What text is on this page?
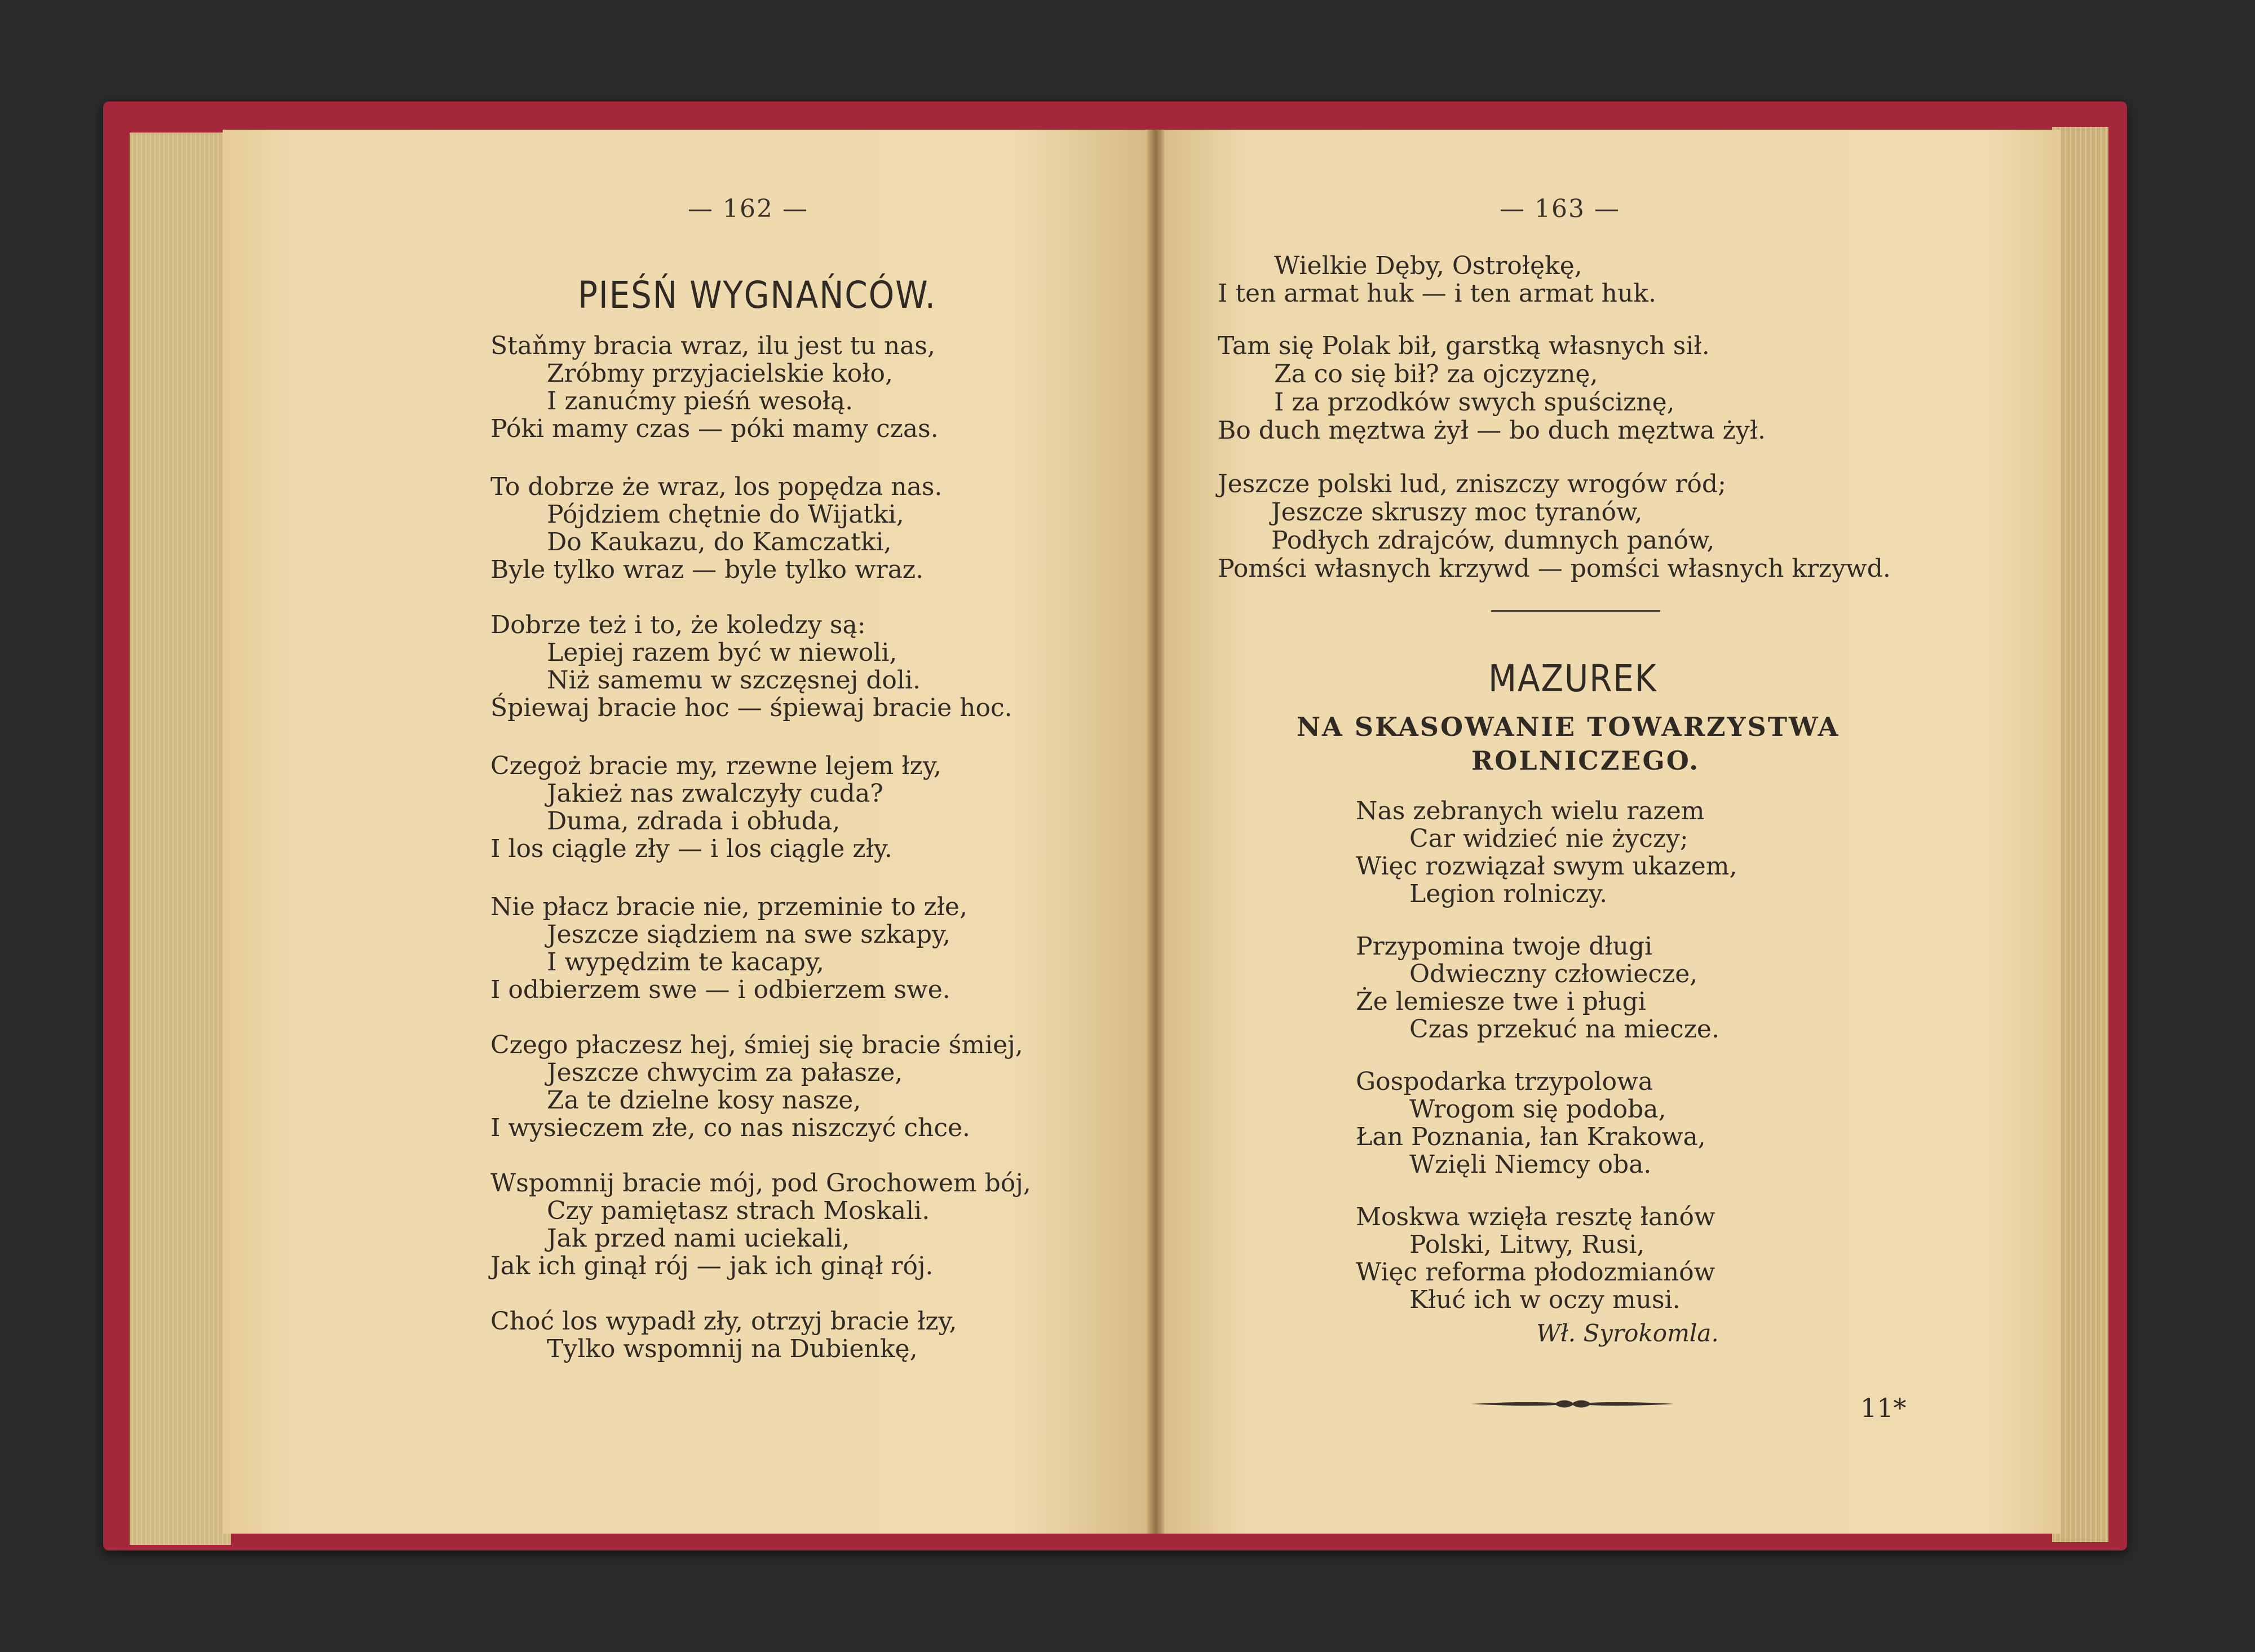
— 162 —
PIEŚŃ WYGNAŃCÓW.
Staňmy bracia wraz, ilu jest tu nas,
Zróbmy przyjacielskie koło,
I zanućmy pieśń wesołą.
Póki mamy czas — póki mamy czas.
To dobrze że wraz, los popędza nas.
Pójdziem chętnie do Wijatki,
Do Kaukazu, do Kamczatki,
Byle tylko wraz — byle tylko wraz.
Dobrze też i to, że koledzy są:
Lepiej razem być w niewoli,
Niż samemu w szczęsnej doli.
Śpiewaj bracie hoc — śpiewaj bracie hoc.
Czegoż bracie my, rzewne lejem łzy,
Jakież nas zwalczyły cuda?
Duma, zdrada i obłuda,
I los ciągle zły — i los ciągle zły.
Nie płacz bracie nie, przeminie to złe,
Jeszcze siądziem na swe szkapy,
I wypędzim te kacapy,
I odbierzem swe — i odbierzem swe.
Czego płaczesz hej, śmiej się bracie śmiej,
Jeszcze chwycim za pałasze,
Za te dzielne kosy nasze,
I wysieczem złe, co nas niszczyć chce.
Wspomnij bracie mój, pod Grochowem bój,
Czy pamiętasz strach Moskali.
Jak przed nami uciekali,
Jak ich ginął rój — jak ich ginął rój.
Choć los wypadł zły, otrzyj bracie łzy,
Tylko wspomnij na Dubienkę,
— 163 —
Wielkie Dęby, Ostrołękę,
I ten armat huk — i ten armat huk.
Tam się Polak bił, garstką własnych sił.
Za co się bił? za ojczyznę,
I za przodków swych spuściznę,
Bo duch męztwa żył — bo duch męztwa żył.
Jeszcze polski lud, zniszczy wrogów ród;
Jeszcze skruszy moc tyranów,
Podłych zdrajców, dumnych panów,
Pomści własnych krzywd — pomści własnych krzywd.
MAZUREK
NA SKASOWANIE TOWARZYSTWA
ROLNICZEGO.
Nas zebranych wielu razem
Car widzieć nie życzy;
Więc rozwiązał swym ukazem,
Legion rolniczy.
Przypomina twoje długi
Odwieczny człowiecze,
Że lemiesze twe i pługi
Czas przekuć na miecze.
Gospodarka trzypolowa
Wrogom się podoba,
Łan Poznania, łan Krakowa,
Wzięli Niemcy oba.
Moskwa wzięła resztę łanów
Polski, Litwy, Rusi,
Więc reforma płodozmianów
Kłuć ich w oczy musi.
Wł. Syrokomla.
11*
